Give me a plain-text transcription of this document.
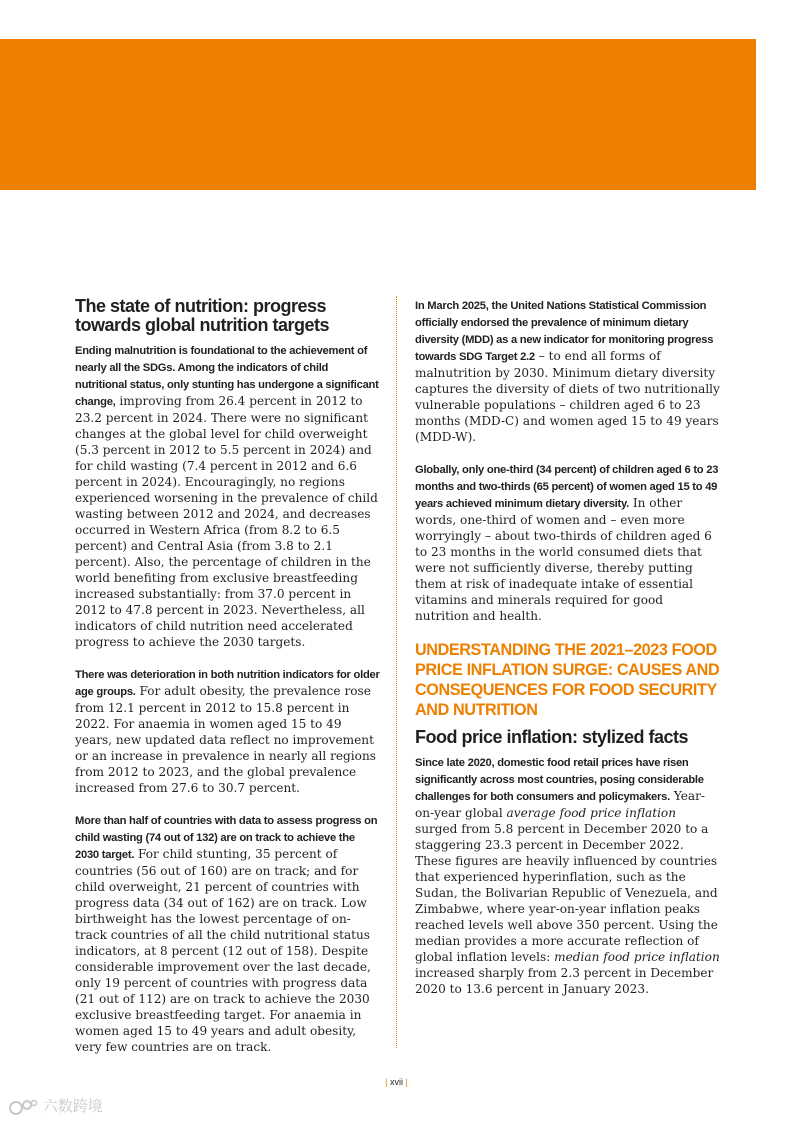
The state of nutrition: progress towards global nutrition targets

Ending malnutrition is foundational to the achievement of nearly all the SDGs. Among the indicators of child nutritional status, only stunting has undergone a significant change, improving from 26.4 percent in 2012 to 23.2 percent in 2024. There were no significant changes at the global level for child overweight (5.3 percent in 2012 to 5.5 percent in 2024) and for child wasting (7.4 percent in 2012 and 6.6 percent in 2024). Encouragingly, no regions experienced worsening in the prevalence of child wasting between 2012 and 2024, and decreases occurred in Western Africa (from 8.2 to 6.5 percent) and Central Asia (from 3.8 to 2.1 percent). Also, the percentage of children in the world benefiting from exclusive breastfeeding increased substantially: from 37.0 percent in 2012 to 47.8 percent in 2023. Nevertheless, all indicators of child nutrition need accelerated progress to achieve the 2030 targets.

There was deterioration in both nutrition indicators for older age groups. For adult obesity, the prevalence rose from 12.1 percent in 2012 to 15.8 percent in 2022. For anaemia in women aged 15 to 49 years, new updated data reflect no improvement or an increase in prevalence in nearly all regions from 2012 to 2023, and the global prevalence increased from 27.6 to 30.7 percent.

More than half of countries with data to assess progress on child wasting (74 out of 132) are on track to achieve the 2030 target. For child stunting, 35 percent of countries (56 out of 160) are on track; and for child overweight, 21 percent of countries with progress data (34 out of 162) are on track. Low birthweight has the lowest percentage of on-track countries of all the child nutritional status indicators, at 8 percent (12 out of 158). Despite considerable improvement over the last decade, only 19 percent of countries with progress data (21 out of 112) are on track to achieve the 2030 exclusive breastfeeding target. For anaemia in women aged 15 to 49 years and adult obesity, very few countries are on track.

In March 2025, the United Nations Statistical Commission officially endorsed the prevalence of minimum dietary diversity (MDD) as a new indicator for monitoring progress towards SDG Target 2.2 – to end all forms of malnutrition by 2030. Minimum dietary diversity captures the diversity of diets of two nutritionally vulnerable populations – children aged 6 to 23 months (MDD-C) and women aged 15 to 49 years (MDD-W).

Globally, only one-third (34 percent) of children aged 6 to 23 months and two-thirds (65 percent) of women aged 15 to 49 years achieved minimum dietary diversity. In other words, one-third of women and – even more worryingly – about two-thirds of children aged 6 to 23 months in the world consumed diets that were not sufficiently diverse, thereby putting them at risk of inadequate intake of essential vitamins and minerals required for good nutrition and health.

UNDERSTANDING THE 2021–2023 FOOD PRICE INFLATION SURGE: CAUSES AND CONSEQUENCES FOR FOOD SECURITY AND NUTRITION
Food price inflation: stylized facts

Since late 2020, domestic food retail prices have risen significantly across most countries, posing considerable challenges for both consumers and policymakers. Year-on-year global average food price inflation surged from 5.8 percent in December 2020 to a staggering 23.3 percent in December 2022. These figures are heavily influenced by countries that experienced hyperinflation, such as the Sudan, the Bolivarian Republic of Venezuela, and Zimbabwe, where year-on-year inflation peaks reached levels well above 350 percent. Using the median provides a more accurate reflection of global inflation levels: median food price inflation increased sharply from 2.3 percent in December 2020 to 13.6 percent in January 2023.

| xvii |
六数跨境
